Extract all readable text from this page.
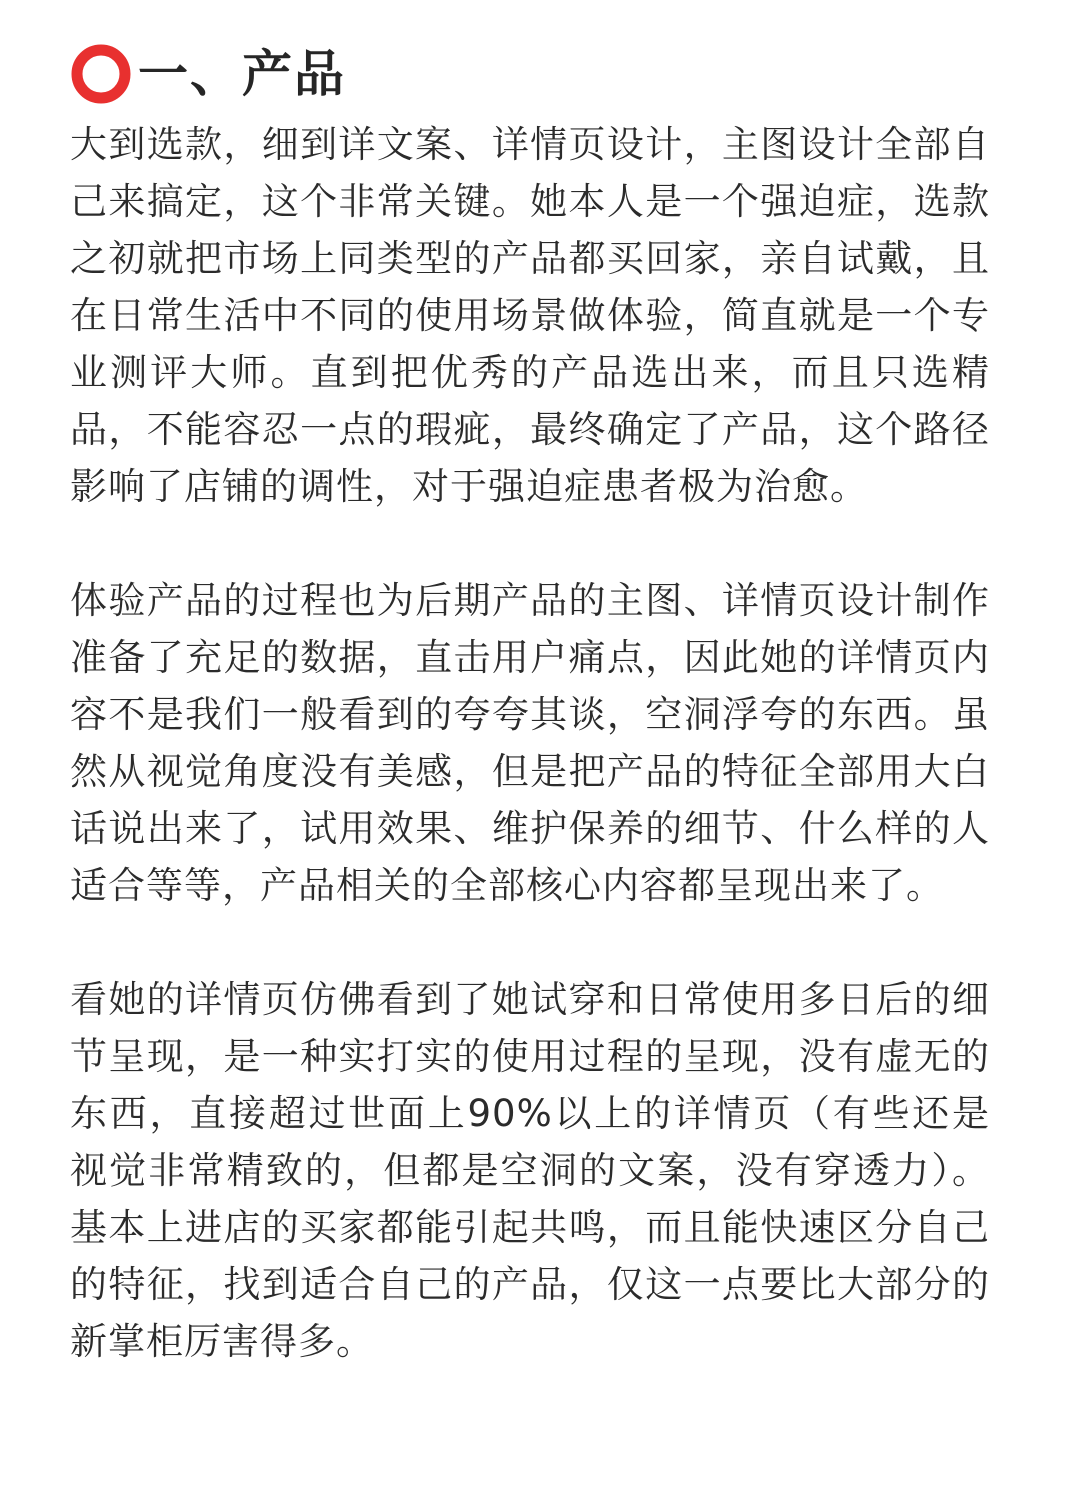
一、产品

大到选款，细到详文案、详情页设计，主图设计全部自己来搞定，这个非常关键。她本人是一个强迫症，选款之初就把市场上同类型的产品都买回家，亲自试戴，且在日常生活中不同的使用场景做体验，简直就是一个专业测评大师。直到把优秀的产品选出来，而且只选精品，不能容忍一点的瑕疵，最终确定了产品，这个路径影响了店铺的调性，对于强迫症患者极为治愈。

体验产品的过程也为后期产品的主图、详情页设计制作准备了充足的数据，直击用户痛点，因此她的详情页内容不是我们一般看到的夸夸其谈，空洞浮夸的东西。虽然从视觉角度没有美感，但是把产品的特征全部用大白话说出来了，试用效果、维护保养的细节、什么样的人适合等等，产品相关的全部核心内容都呈现出来了。

看她的详情页仿佛看到了她试穿和日常使用多日后的细节呈现，是一种实打实的使用过程的呈现，没有虚无的东西，直接超过世面上90%以上的详情页（有些还是视觉非常精致的，但都是空洞的文案，没有穿透力）。基本上进店的买家都能引起共鸣，而且能快速区分自己的特征，找到适合自己的产品，仅这一点要比大部分的新掌柜厉害得多。
